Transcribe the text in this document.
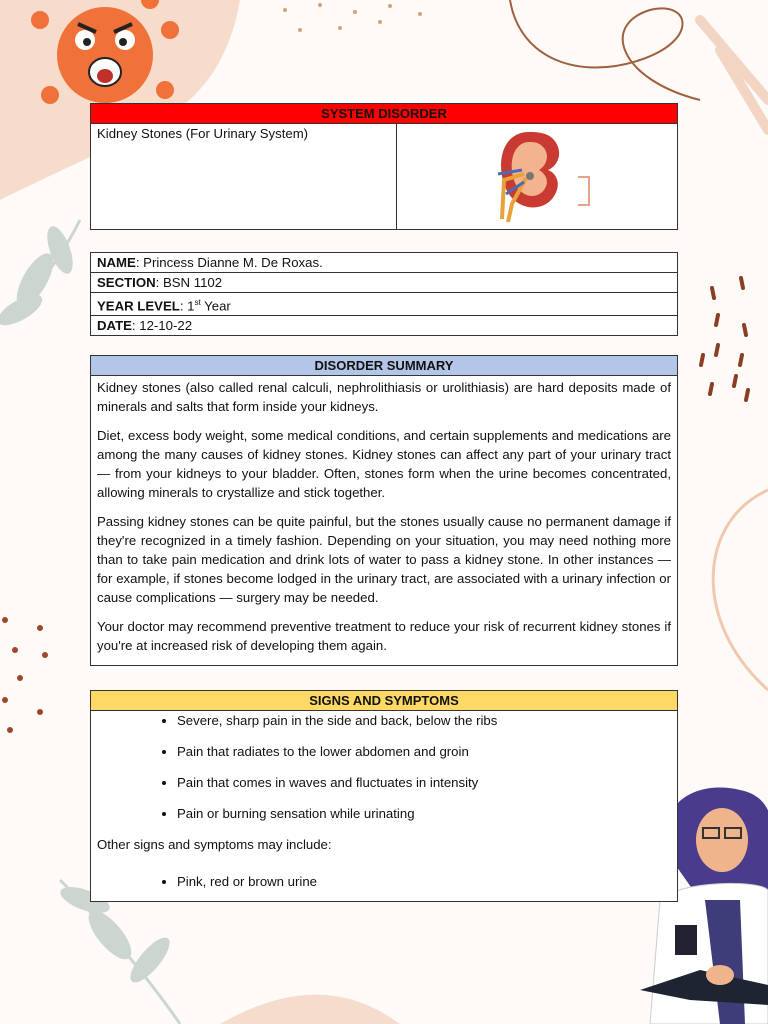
SYSTEM DISORDER
Kidney Stones (For Urinary System)	
NAME: Princess Dianne M. De Roxas.
SECTION: BSN 1102
YEAR LEVEL: 1st Year
DATE: 12-10-22
DISORDER SUMMARY

Kidney stones (also called renal calculi, nephrolithiasis or urolithiasis) are hard deposits made of minerals and salts that form inside your kidneys.

Diet, excess body weight, some medical conditions, and certain supplements and medications are among the many causes of kidney stones. Kidney stones can affect any part of your urinary tract — from your kidneys to your bladder. Often, stones form when the urine becomes concentrated, allowing minerals to crystallize and stick together.

Passing kidney stones can be quite painful, but the stones usually cause no permanent damage if they're recognized in a timely fashion. Depending on your situation, you may need nothing more than to take pain medication and drink lots of water to pass a kidney stone. In other instances — for example, if stones become lodged in the urinary tract, are associated with a urinary infection or cause complications — surgery may be needed.

Your doctor may recommend preventive treatment to reduce your risk of recurrent kidney stones if you're at increased risk of developing them again.

SIGNS AND SYMPTOMS
• Severe, sharp pain in the side and back, below the ribs
• Pain that radiates to the lower abdomen and groin
• Pain that comes in waves and fluctuates in intensity
• Pain or burning sensation while urinating

Other signs and symptoms may include:

• Pink, red or brown urine
